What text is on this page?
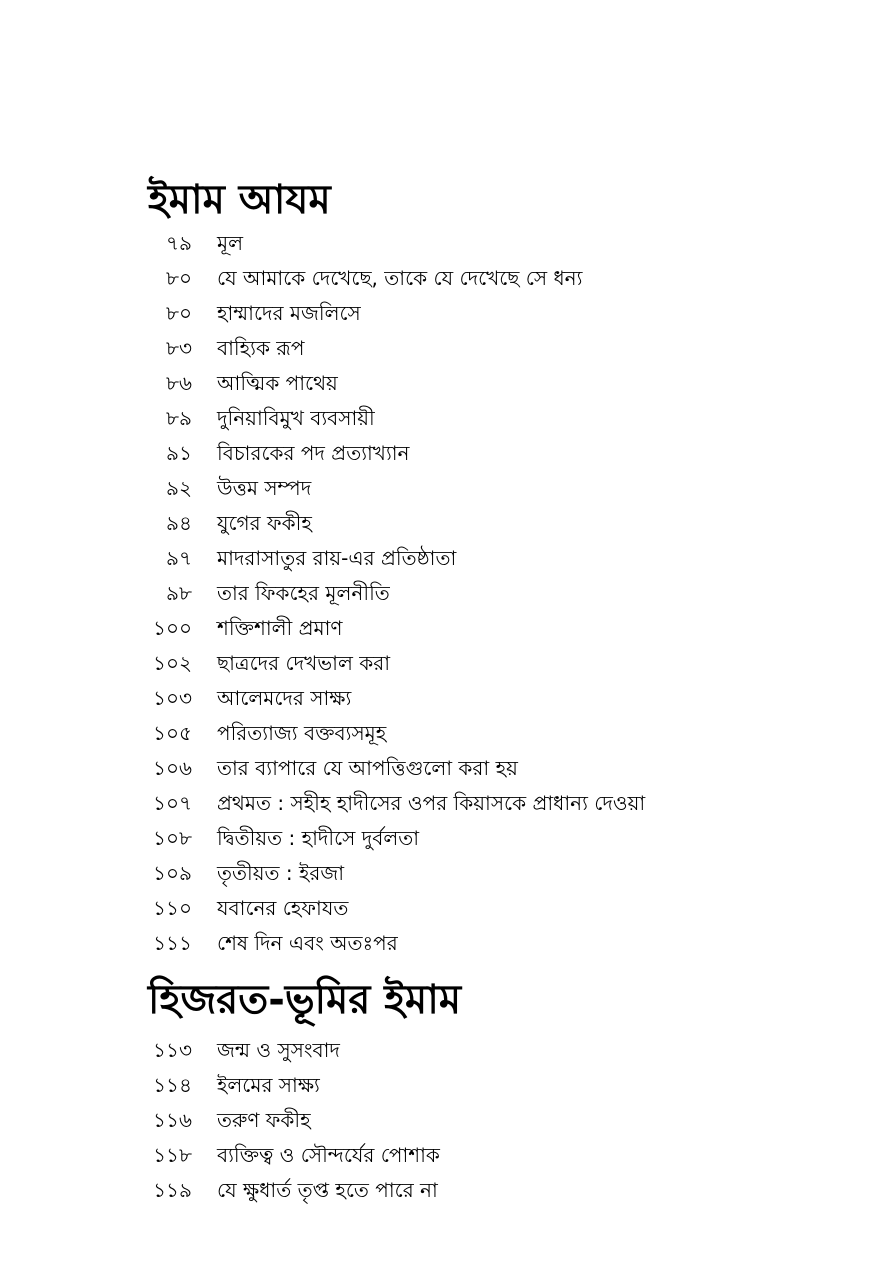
ইমাম আযম
৭৯ মূল
৮০ যে আমাকে দেখেছে, তাকে যে দেখেছে সে ধন্য
৮০ হাম্মাদের মজলিসে
৮৩ বাহ্যিক রূপ
৮৬ আত্মিক পাথেয়
৮৯ দুনিয়াবিমুখ ব্যবসায়ী
৯১ বিচারকের পদ প্রত্যাখ্যান
৯২ উত্তম সম্পদ
৯৪ যুগের ফকীহ
৯৭ মাদরাসাতুর রায়-এর প্রতিষ্ঠাতা
৯৮ তার ফিকহের মূলনীতি
১০০ শক্তিশালী প্রমাণ
১০২ ছাত্রদের দেখভাল করা
১০৩ আলেমদের সাক্ষ্য
১০৫ পরিত্যাজ্য বক্তব্যসমূহ
১০৬ তার ব্যাপারে যে আপত্তিগুলো করা হয়
১০৭ প্রথমত : সহীহ হাদীসের ওপর কিয়াসকে প্রাধান্য দেওয়া
১০৮ দ্বিতীয়ত : হাদীসে দুর্বলতা
১০৯ তৃতীয়ত : ইরজা
১১০ যবানের হেফাযত
১১১ শেষ দিন এবং অতঃপর
হিজরত-ভূমির ইমাম
১১৩ জন্ম ও সুসংবাদ
১১৪ ইলমের সাক্ষ্য
১১৬ তরুণ ফকীহ
১১৮ ব্যক্তিত্ব ও সৌন্দর্যের পোশাক
১১৯ যে ক্ষুধার্ত তৃপ্ত হতে পারে না
